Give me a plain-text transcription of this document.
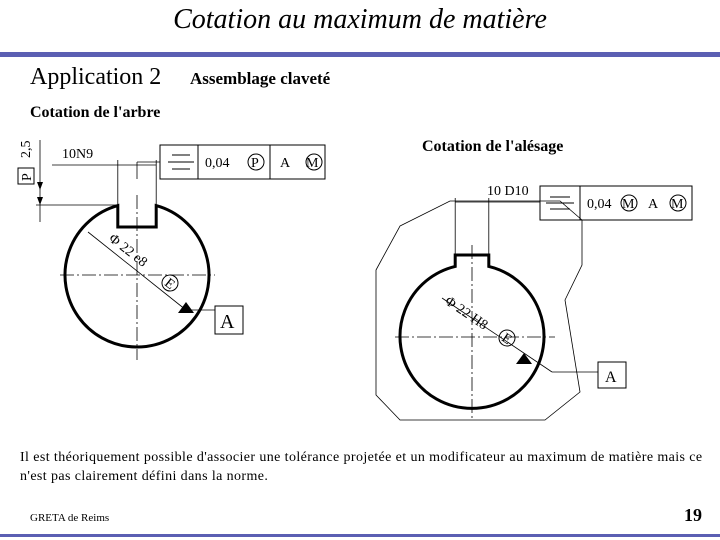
Cotation au maximum de matière
Application 2 Assemblage claveté
Cotation de l'arbre
Cotation de l'alésage
10N9
0,04 P A M
2,5
P
Φ 22 e8
E
A
10 D10
0,04 M A M
Φ 22 H8
E
A
Il est théoriquement possible d'associer une tolérance projetée et un modificateur au maximum de matière mais ce n'est pas clairement défini dans la norme.
GRETA de Reims	19
